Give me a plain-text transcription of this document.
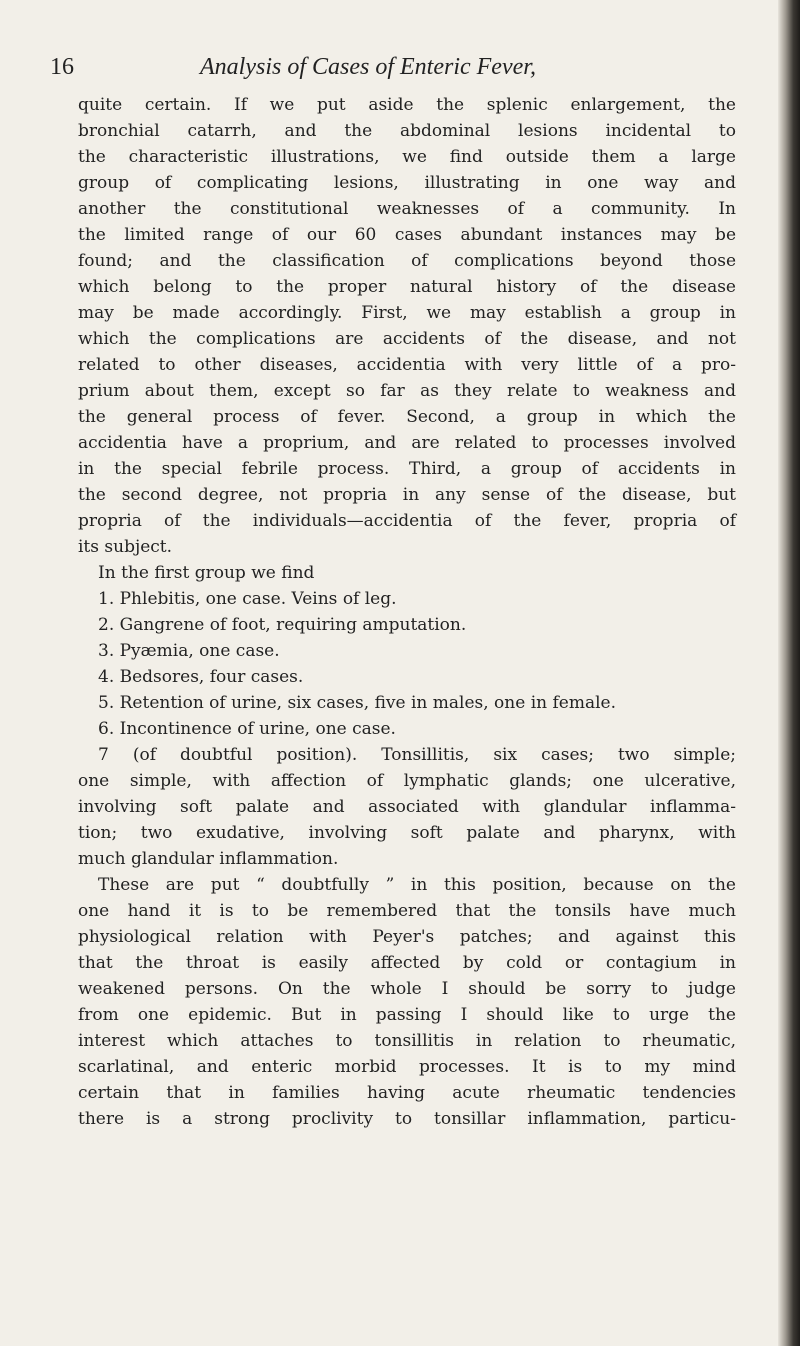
16	Analysis of Cases of Enteric Fever,
quite certain. If we put aside the splenic enlargement, the
bronchial catarrh, and the abdominal lesions incidental to
the characteristic illustrations, we find outside them a large
group of complicating lesions, illustrating in one way and
another the constitutional weaknesses of a community. In
the limited range of our 60 cases abundant instances may be
found; and the classification of complications beyond those
which belong to the proper natural history of the disease
may be made accordingly. First, we may establish a group in
which the complications are accidents of the disease, and not
related to other diseases, accidentia with very little of a pro-
prium about them, except so far as they relate to weakness and
the general process of fever. Second, a group in which the
accidentia have a proprium, and are related to processes involved
in the special febrile process. Third, a group of accidents in
the second degree, not propria in any sense of the disease, but
propria of the individuals—accidentia of the fever, propria of
its subject.
In the first group we find
1. Phlebitis, one case. Veins of leg.
2. Gangrene of foot, requiring amputation.
3. Pyæmia, one case.
4. Bedsores, four cases.
5. Retention of urine, six cases, five in males, one in female.
6. Incontinence of urine, one case.
7 (of doubtful position). Tonsillitis, six cases; two simple;
one simple, with affection of lymphatic glands; one ulcerative,
involving soft palate and associated with glandular inflamma-
tion; two exudative, involving soft palate and pharynx, with
much glandular inflammation.
These are put “ doubtfully ” in this position, because on the
one hand it is to be remembered that the tonsils have much
physiological relation with Peyer's patches; and against this
that the throat is easily affected by cold or contagium in
weakened persons. On the whole I should be sorry to judge
from one epidemic. But in passing I should like to urge the
interest which attaches to tonsillitis in relation to rheumatic,
scarlatinal, and enteric morbid processes. It is to my mind
certain that in families having acute rheumatic tendencies
there is a strong proclivity to tonsillar inflammation, particu-
